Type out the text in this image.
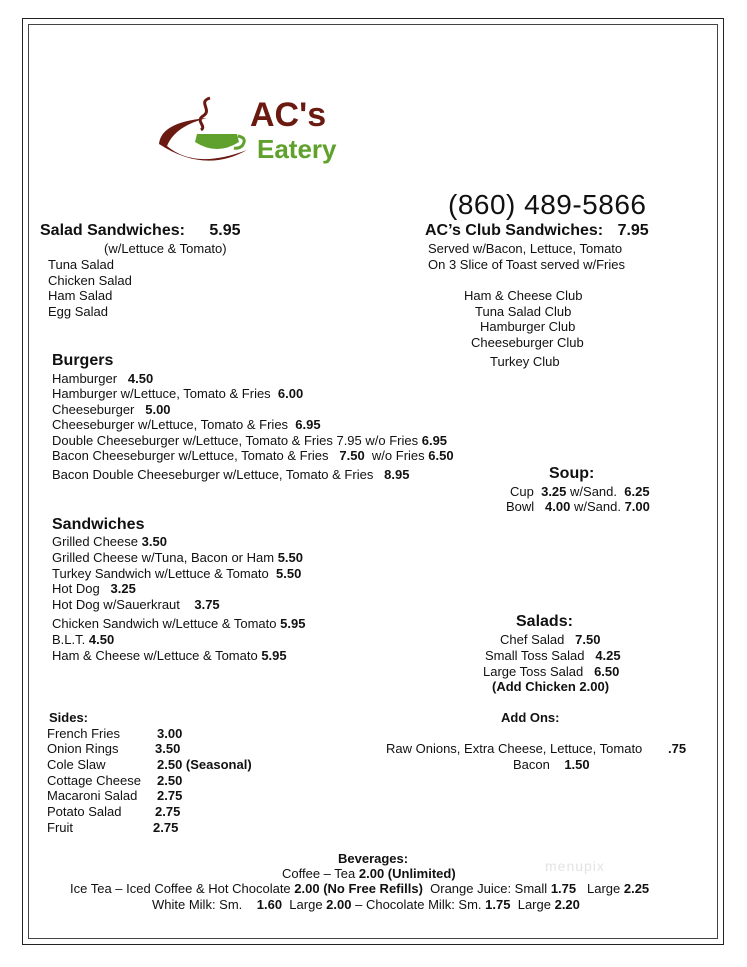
AC's
Eatery
(860) 489-5866
Salad Sandwiches: 5.95
(w/Lettuce & Tomato)
Tuna Salad
Chicken Salad
Ham Salad
Egg Salad
AC’s Club Sandwiches: 7.95
Served w/Bacon, Lettuce, Tomato
On 3 Slice of Toast served w/Fries
Ham & Cheese Club
Tuna Salad Club
Hamburger Club
Cheeseburger Club
Turkey Club
Burgers
Hamburger 4.50
Hamburger w/Lettuce, Tomato & Fries 6.00
Cheeseburger 5.00
Cheeseburger w/Lettuce, Tomato & Fries 6.95
Double Cheeseburger w/Lettuce, Tomato & Fries 7.95 w/o Fries 6.95
Bacon Cheeseburger w/Lettuce, Tomato & Fries 7.50 w/o Fries 6.50
Bacon Double Cheeseburger w/Lettuce, Tomato & Fries 8.95	Soup:
Cup 3.25 w/Sand. 6.25
Bowl 4.00 w/Sand. 7.00
Sandwiches
Grilled Cheese 3.50
Grilled Cheese w/Tuna, Bacon or Ham 5.50
Turkey Sandwich w/Lettuce & Tomato 5.50
Hot Dog 3.25
Hot Dog w/Sauerkraut 3.75
Chicken Sandwich w/Lettuce & Tomato 5.95
B.L.T. 4.50
Ham & Cheese w/Lettuce & Tomato 5.95
Salads:
Chef Salad 7.50
Small Toss Salad 4.25
Large Toss Salad 6.50
(Add Chicken 2.00)
Sides:
French Fries	3.00
Onion Rings	3.50
Cole Slaw	2.50 (Seasonal)
Cottage Cheese 2.50
Macaroni Salad 2.75
Potato Salad	2.75
Fruit	2.75
Add Ons:
Raw Onions, Extra Cheese, Lettuce, Tomato .75
Bacon 1.50
Beverages:
Coffee – Tea 2.00 (Unlimited)
Ice Tea – Iced Coffee & Hot Chocolate 2.00 (No Free Refills) Orange Juice: Small 1.75 Large 2.25
White Milk: Sm. 1.60 Large 2.00 – Chocolate Milk: Sm. 1.75 Large 2.20
menupix
